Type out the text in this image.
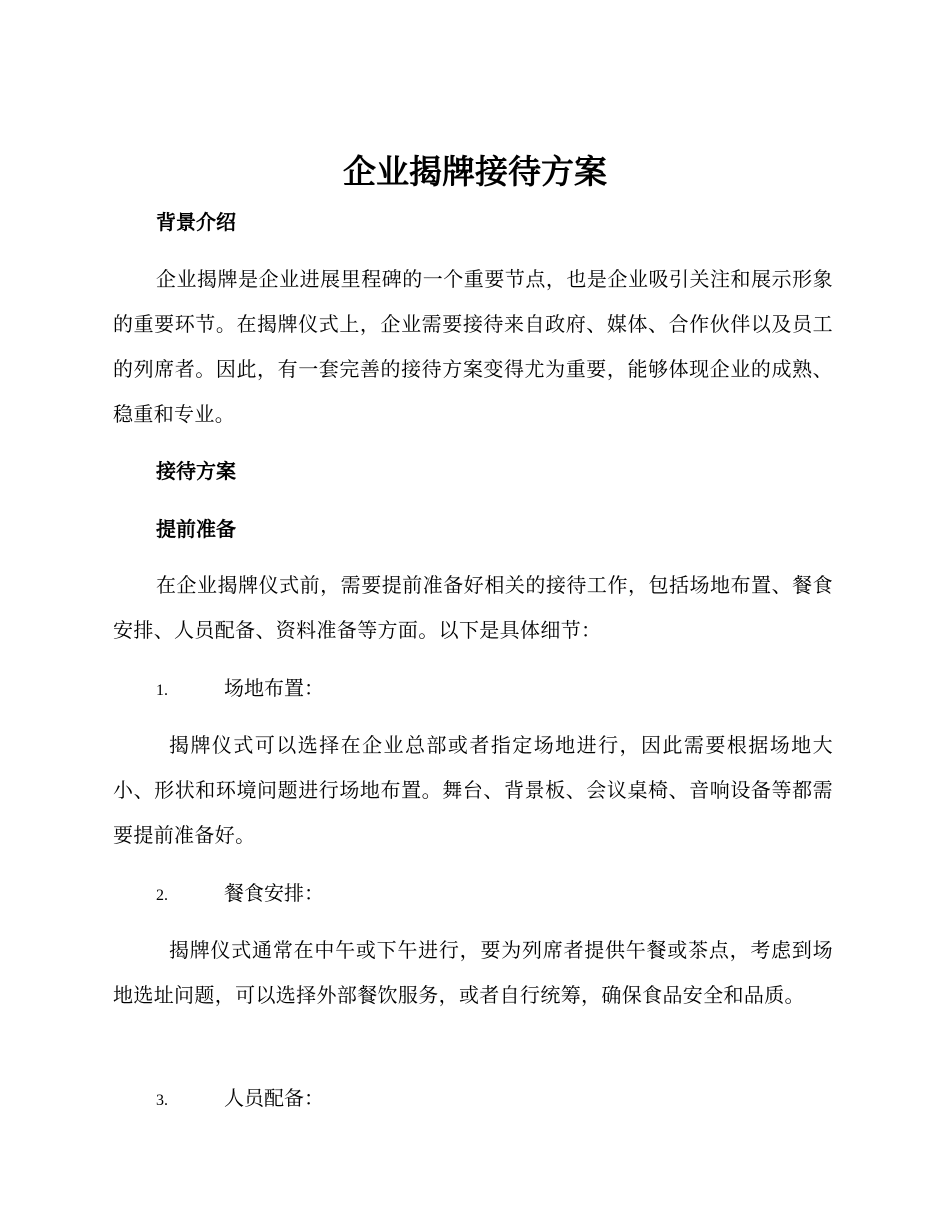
企业揭牌接待方案
背景介绍

企业揭牌是企业进展里程碑的一个重要节点，也是企业吸引关注和展示形象的重要环节。在揭牌仪式上，企业需要接待来自政府、媒体、合作伙伴以及员工的列席者。因此，有一套完善的接待方案变得尤为重要，能够体现企业的成熟、稳重和专业。

接待方案
提前准备

在企业揭牌仪式前，需要提前准备好相关的接待工作，包括场地布置、餐食安排、人员配备、资料准备等方面。以下是具体细节：

1.	场地布置：

揭牌仪式可以选择在企业总部或者指定场地进行，因此需要根据场地大小、形状和环境问题进行场地布置。舞台、背景板、会议桌椅、音响设备等都需要提前准备好。

2.	餐食安排：

揭牌仪式通常在中午或下午进行，要为列席者提供午餐或茶点，考虑到场地选址问题，可以选择外部餐饮服务，或者自行统筹，确保食品安全和品质。

3.	人员配备：
